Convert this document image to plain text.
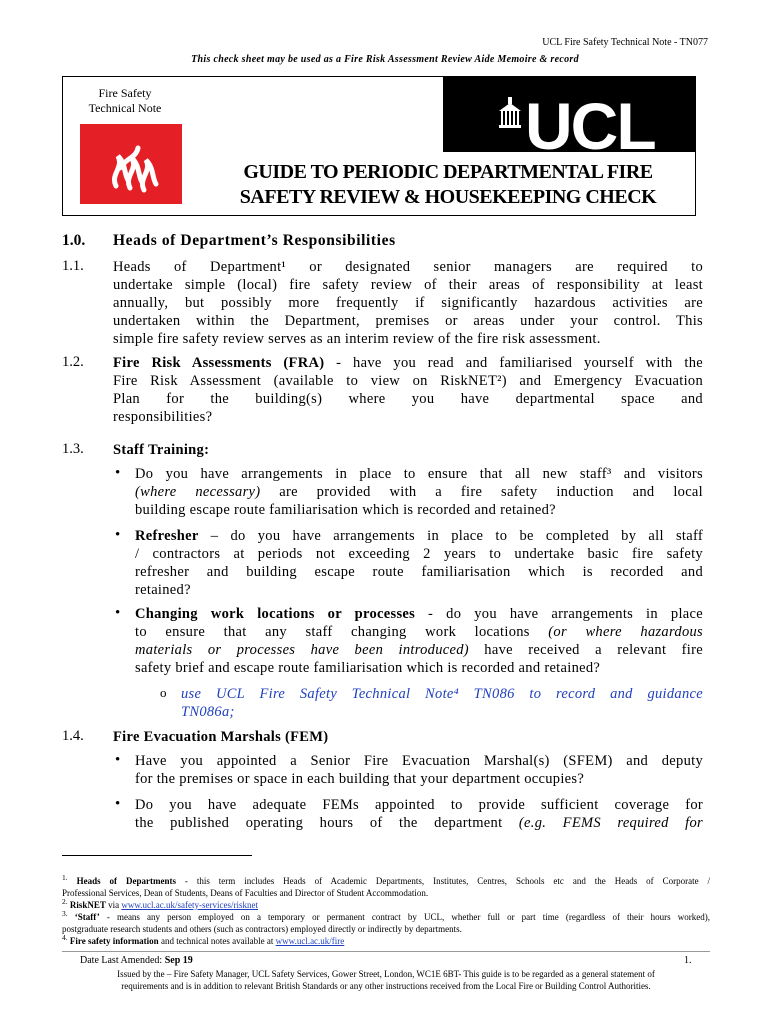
UCL Fire Safety Technical Note - TN077
This check sheet may be used as a Fire Risk Assessment Review Aide Memoire & record
Fire Safety
Technical Note	UCL
GUIDE TO PERIODIC DEPARTMENTAL FIRE
SAFETY REVIEW & HOUSEKEEPING CHECK
1.0. Heads of Department’s Responsibilities
1.1. Heads of Department¹ or designated senior managers are required to
undertake simple (local) fire safety review of their areas of responsibility at least
annually, but possibly more frequently if significantly hazardous activities are
undertaken within the Department, premises or areas under your control. This
simple fire safety review serves as an interim review of the fire risk assessment.
1.2. Fire Risk Assessments (FRA) - have you read and familiarised yourself with the
Fire Risk Assessment (available to view on RiskNET²) and Emergency Evacuation
Plan for the building(s) where you have departmental space and
responsibilities?
1.3. Staff Training:
• Do you have arrangements in place to ensure that all new staff³ and visitors
(where necessary) are provided with a fire safety induction and local
building escape route familiarisation which is recorded and retained?
• Refresher – do you have arrangements in place to be completed by all staff
/ contractors at periods not exceeding 2 years to undertake basic fire safety
refresher and building escape route familiarisation which is recorded and
retained?
• Changing work locations or processes - do you have arrangements in place
to ensure that any staff changing work locations (or where hazardous
materials or processes have been introduced) have received a relevant fire
safety brief and escape route familiarisation which is recorded and retained?
o use UCL Fire Safety Technical Note⁴ TN086 to record and guidance
TN086a;
1.4. Fire Evacuation Marshals (FEM)
• Have you appointed a Senior Fire Evacuation Marshal(s) (SFEM) and deputy
for the premises or space in each building that your department occupies?
• Do you have adequate FEMs appointed to provide sufficient coverage for
the published operating hours of the department (e.g. FEMS required for
$^{1.}$ Heads of Departments - this term includes Heads of Academic Departments, Institutes, Centres, Schools etc and the Heads of Corporate /
Professional Services, Dean of Students, Deans of Faculties and Director of Student Accommodation.
$^{2.}$ RiskNET via www.ucl.ac.uk/safety-services/risknet
$^{3.}$ ‘Staff’ - means any person employed on a temporary or permanent contract by UCL, whether full or part time (regardless of their hours worked),
postgraduate research students and others (such as contractors) employed directly or indirectly by departments.
$^{4.}$ Fire safety information and technical notes available at www.ucl.ac.uk/fire
Date Last Amended: Sep 19	1.
Issued by the – Fire Safety Manager, UCL Safety Services, Gower Street, London, WC1E 6BT- This guide is to be regarded as a general statement of
requirements and is in addition to relevant British Standards or any other instructions received from the Local Fire or Building Control Authorities.
